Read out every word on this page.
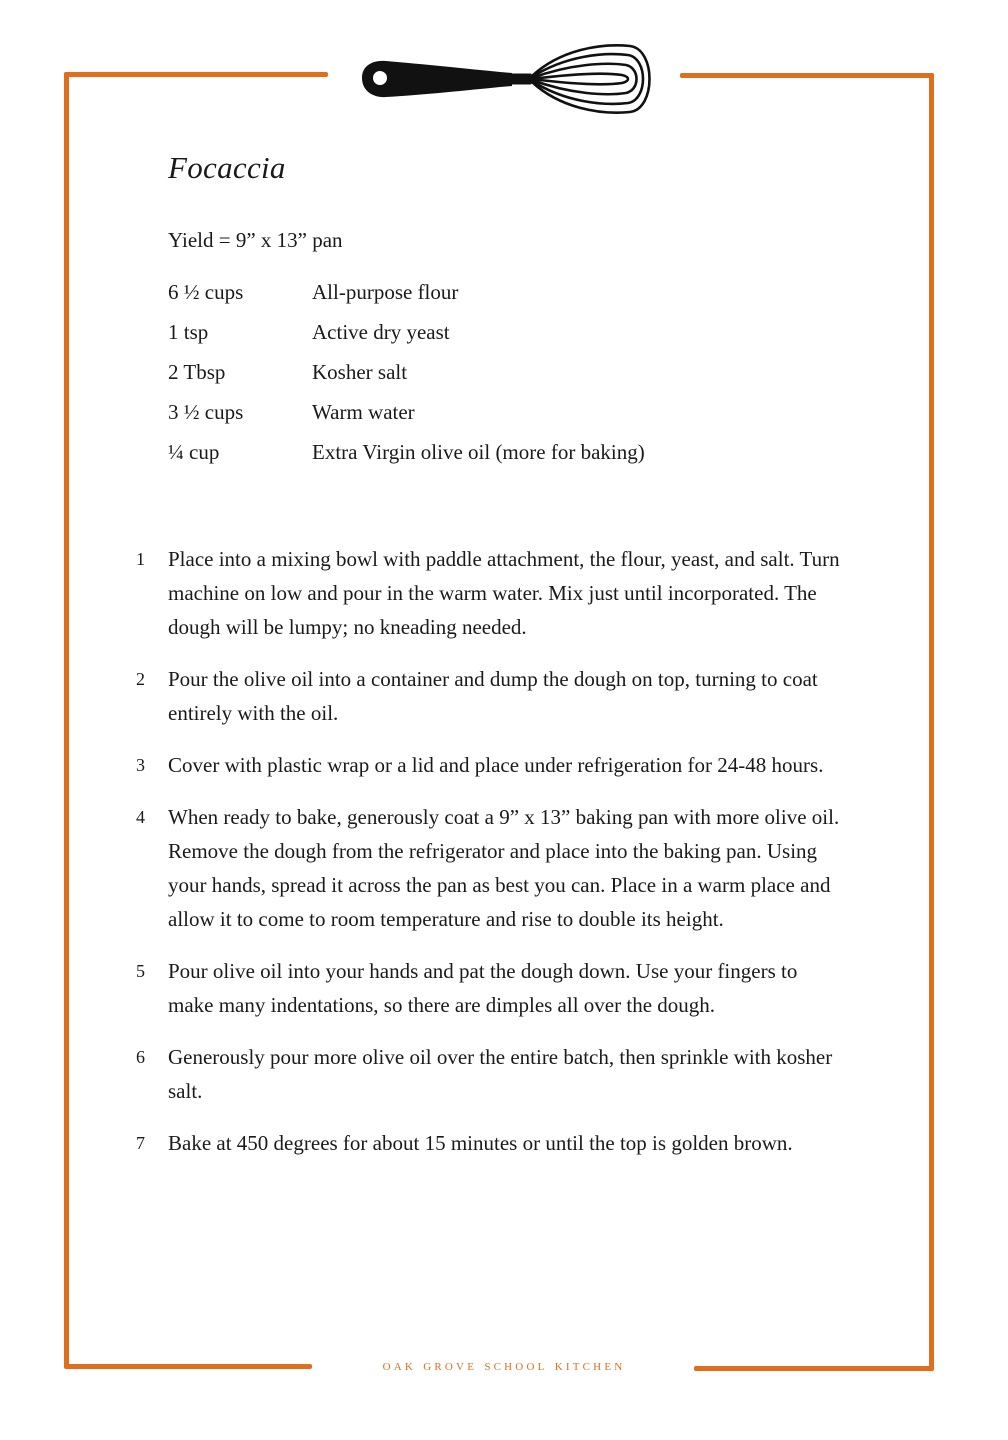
Focaccia
Yield = 9” x 13” pan
6 ½ cups	All-purpose flour
1 tsp	Active dry yeast
2 Tbsp	Kosher salt
3 ½ cups	Warm water
¼ cup	Extra Virgin olive oil (more for baking)
1	Place into a mixing bowl with paddle attachment, the flour, yeast, and salt. Turn machine on low and pour in the warm water. Mix just until incorporated. The dough will be lumpy; no kneading needed.
2	Pour the olive oil into a container and dump the dough on top, turning to coat entirely with the oil.
3	Cover with plastic wrap or a lid and place under refrigeration for 24-48 hours.
4	When ready to bake, generously coat a 9” x 13” baking pan with more olive oil. Remove the dough from the refrigerator and place into the baking pan. Using your hands, spread it across the pan as best you can. Place in a warm place and allow it to come to room temperature and rise to double its height.
5	Pour olive oil into your hands and pat the dough down. Use your fingers to make many indentations, so there are dimples all over the dough.
6	Generously pour more olive oil over the entire batch, then sprinkle with kosher salt.
7	Bake at 450 degrees for about 15 minutes or until the top is golden brown.
oak grove school kitchen
